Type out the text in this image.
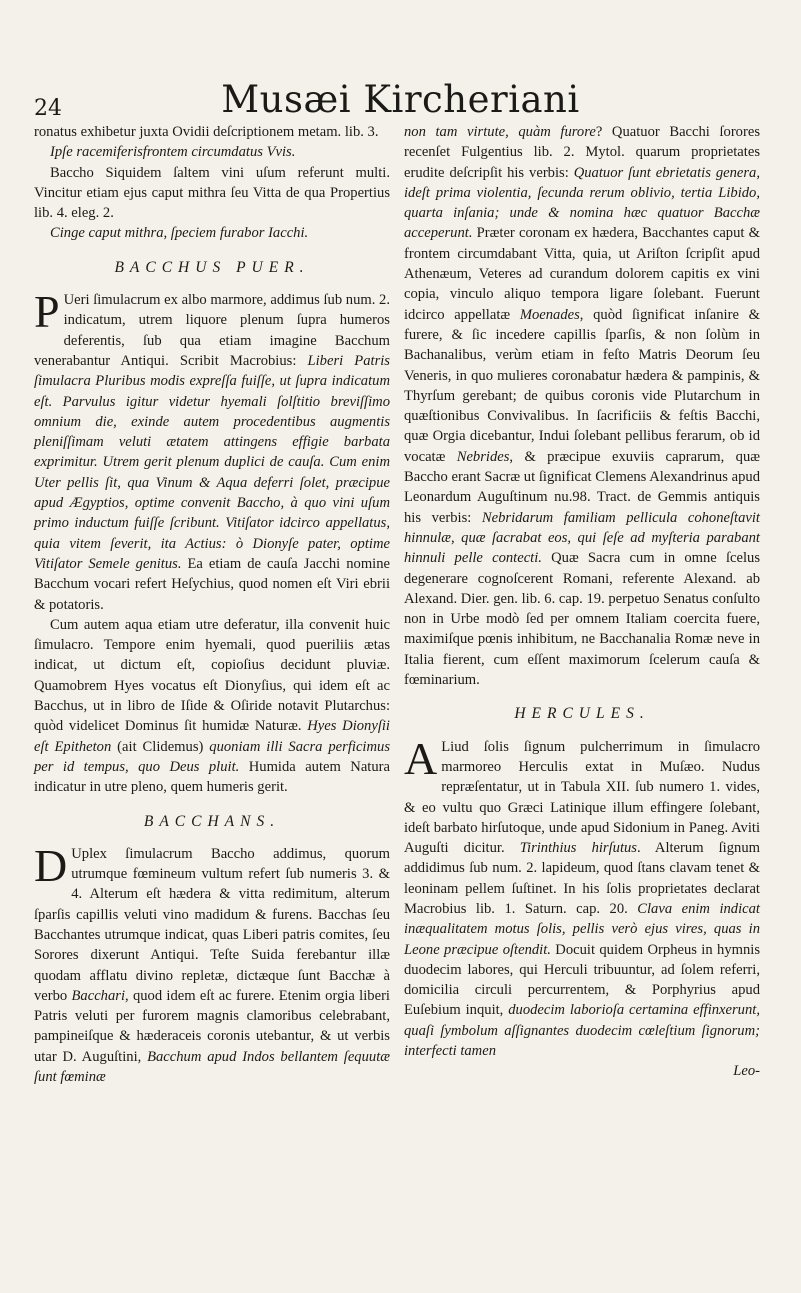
24	Musæi Kircheriani

ronatus exhibetur juxta Ovidii deſcriptionem metam. lib. 3.

Ipſe racemiferisfrontem circumdatus Vvis.

Baccho Siquidem ſaltem vini uſum referunt multi. Vincitur etiam ejus caput mithra ſeu Vitta de qua Propertius lib. 4. eleg. 2.

Cinge caput mithra, ſpeciem furabor Iacchi.

BACCHUS PUER.

P Ueri ſimulacrum ex albo marmore, addimus ſub num. 2. indicatum, utrem liquore plenum ſupra humeros deferentis, ſub qua etiam imagine Bacchum venerabantur Antiqui. Scribit Macrobius: Liberi Patris ſimulacra Pluribus modis expreſſa fuiſſe, ut ſupra indicatum eſt. Parvulus igitur videtur hyemali ſolſtitio breviſſimo omnium die, exinde autem procedentibus augmentis pleniſſimam veluti ætatem attingens effigie barbata exprimitur. Utrem gerit plenum duplici de cauſa. Cum enim Uter pellis ſit, qua Vinum & Aqua deferri ſolet, præcipue apud Ægyptios, optime convenit Baccho, à quo vini uſum primo inductum fuiſſe ſcribunt. Vitiſator idcirco appellatus, quia vitem ſeverit, ita Actius: ò Dionyſe pater, optime Vitiſator Semele genitus. Ea etiam de cauſa Jacchi nomine Bacchum vocari refert Heſychius, quod nomen eſt Viri ebrii & potatoris.

Cum autem aqua etiam utre deferatur, illa convenit huic ſimulacro. Tempore enim hyemali, quod pueriliis ætas indicat, ut dictum eſt, copioſius decidunt pluviæ. Quamobrem Hyes vocatus eſt Dionyſius, qui idem eſt ac Bacchus, ut in libro de Iſide & Oſiride notavit Plutarchus: quòd videlicet Dominus ſit humidæ Naturæ. Hyes Dionyſii eſt Epitheton (ait Clidemus) quoniam illi Sacra perficimus per id tempus, quo Deus pluit. Humida autem Natura indicatur in utre pleno, quem humeris gerit.

BACCHANS.

D Uplex ſimulacrum Baccho addimus, quorum utrumque fœmineum vultum refert ſub numeris 3. & 4. Alterum eſt hædera & vitta redimitum, alterum ſparſis capillis veluti vino madidum & furens. Bacchas ſeu Bacchantes utrumque indicat, quas Liberi patris comites, ſeu Sorores dixerunt Antiqui. Teſte Suida ferebantur illæ quodam afflatu divino repletæ, dictæque ſunt Bacchæ à verbo Bacchari, quod idem eſt ac furere. Etenim orgia liberi Patris veluti per furorem magnis clamoribus celebrabant, pampineiſque & hæderaceis coronis utebantur, & ut verbis utar D. Auguſtini, Bacchum apud Indos bellantem ſequutæ ſunt fœminæ

non tam virtute, quàm furore? Quatuor Bacchi ſorores recenſet Fulgentius lib. 2. Mytol. quarum proprietates erudite deſcripſit his verbis: Quatuor ſunt ebrietatis genera, ideſt prima violentia, ſecunda rerum oblivio, tertia Libido, quarta inſania; unde & nomina hæc quatuor Bacchæ acceperunt. Præter coronam ex hædera, Bacchantes caput & frontem circumdabant Vitta, quia, ut Ariſton ſcripſit apud Athenæum, Veteres ad curandum dolorem capitis ex vini copia, vinculo aliquo tempora ligare ſolebant. Fuerunt idcirco appellatæ Moenades, quòd ſignificat inſanire & furere, & ſic incedere capillis ſparſis, & non ſolùm in Bachanalibus, verùm etiam in feſto Matris Deorum ſeu Veneris, in quo mulieres coronabatur hædera & pampinis, & Thyrſum gerebant; de quibus coronis vide Plutarchum in quæſtionibus Convivalibus. In ſacrificiis & feſtis Bacchi, quæ Orgia dicebantur, Indui ſolebant pellibus ferarum, ob id vocatæ Nebrides, & præcipue exuviis caprarum, quæ Baccho erant Sacræ ut ſignificat Clemens Alexandrinus apud Leonardum Auguſtinum nu.98. Tract. de Gemmis antiquis his verbis: Nebridarum familiam pellicula cohoneſtavit hinnulæ, quæ ſacrabat eos, qui ſeſe ad myſteria parabant hinnuli pelle contecti. Quæ Sacra cum in omne ſcelus degenerare cognoſcerent Romani, referente Alexand. ab Alexand. Dier. gen. lib. 6. cap. 19. perpetuo Senatus conſulto non in Urbe modò ſed per omnem Italiam coercita fuere, maximiſque pœnis inhibitum, ne Bacchanalia Romæ neve in Italia fierent, cum eſſent maximorum ſcelerum cauſa & fœminarium.

HERCULES.

A Liud ſolis ſignum pulcherrimum in ſimulacro marmoreo Herculis extat in Muſæo. Nudus repræſentatur, ut in Tabula XII. ſub numero 1. vides, & eo vultu quo Græci Latinique illum effingere ſolebant, ideſt barbato hirſutoque, unde apud Sidonium in Paneg. Aviti Auguſti dicitur. Tirinthius hirſutus. Alterum ſignum addidimus ſub num. 2. lapideum, quod ſtans clavam tenet & leoninam pellem ſuſtinet. In his ſolis proprietates declarat Macrobius lib. 1. Saturn. cap. 20. Clava enim indicat inæqualitatem motus ſolis, pellis verò ejus vires, quas in Leone præcipue oſtendit. Docuit quidem Orpheus in hymnis duodecim labores, qui Herculi tribuuntur, ad ſolem referri, domicilia circuli percurrentem, & Porphyrius apud Euſebium inquit, duodecim laborioſa certamina effinxerunt, quaſi ſymbolum aſſignantes duodecim cœleſtium ſignorum; interfecti tamen

Leo-
